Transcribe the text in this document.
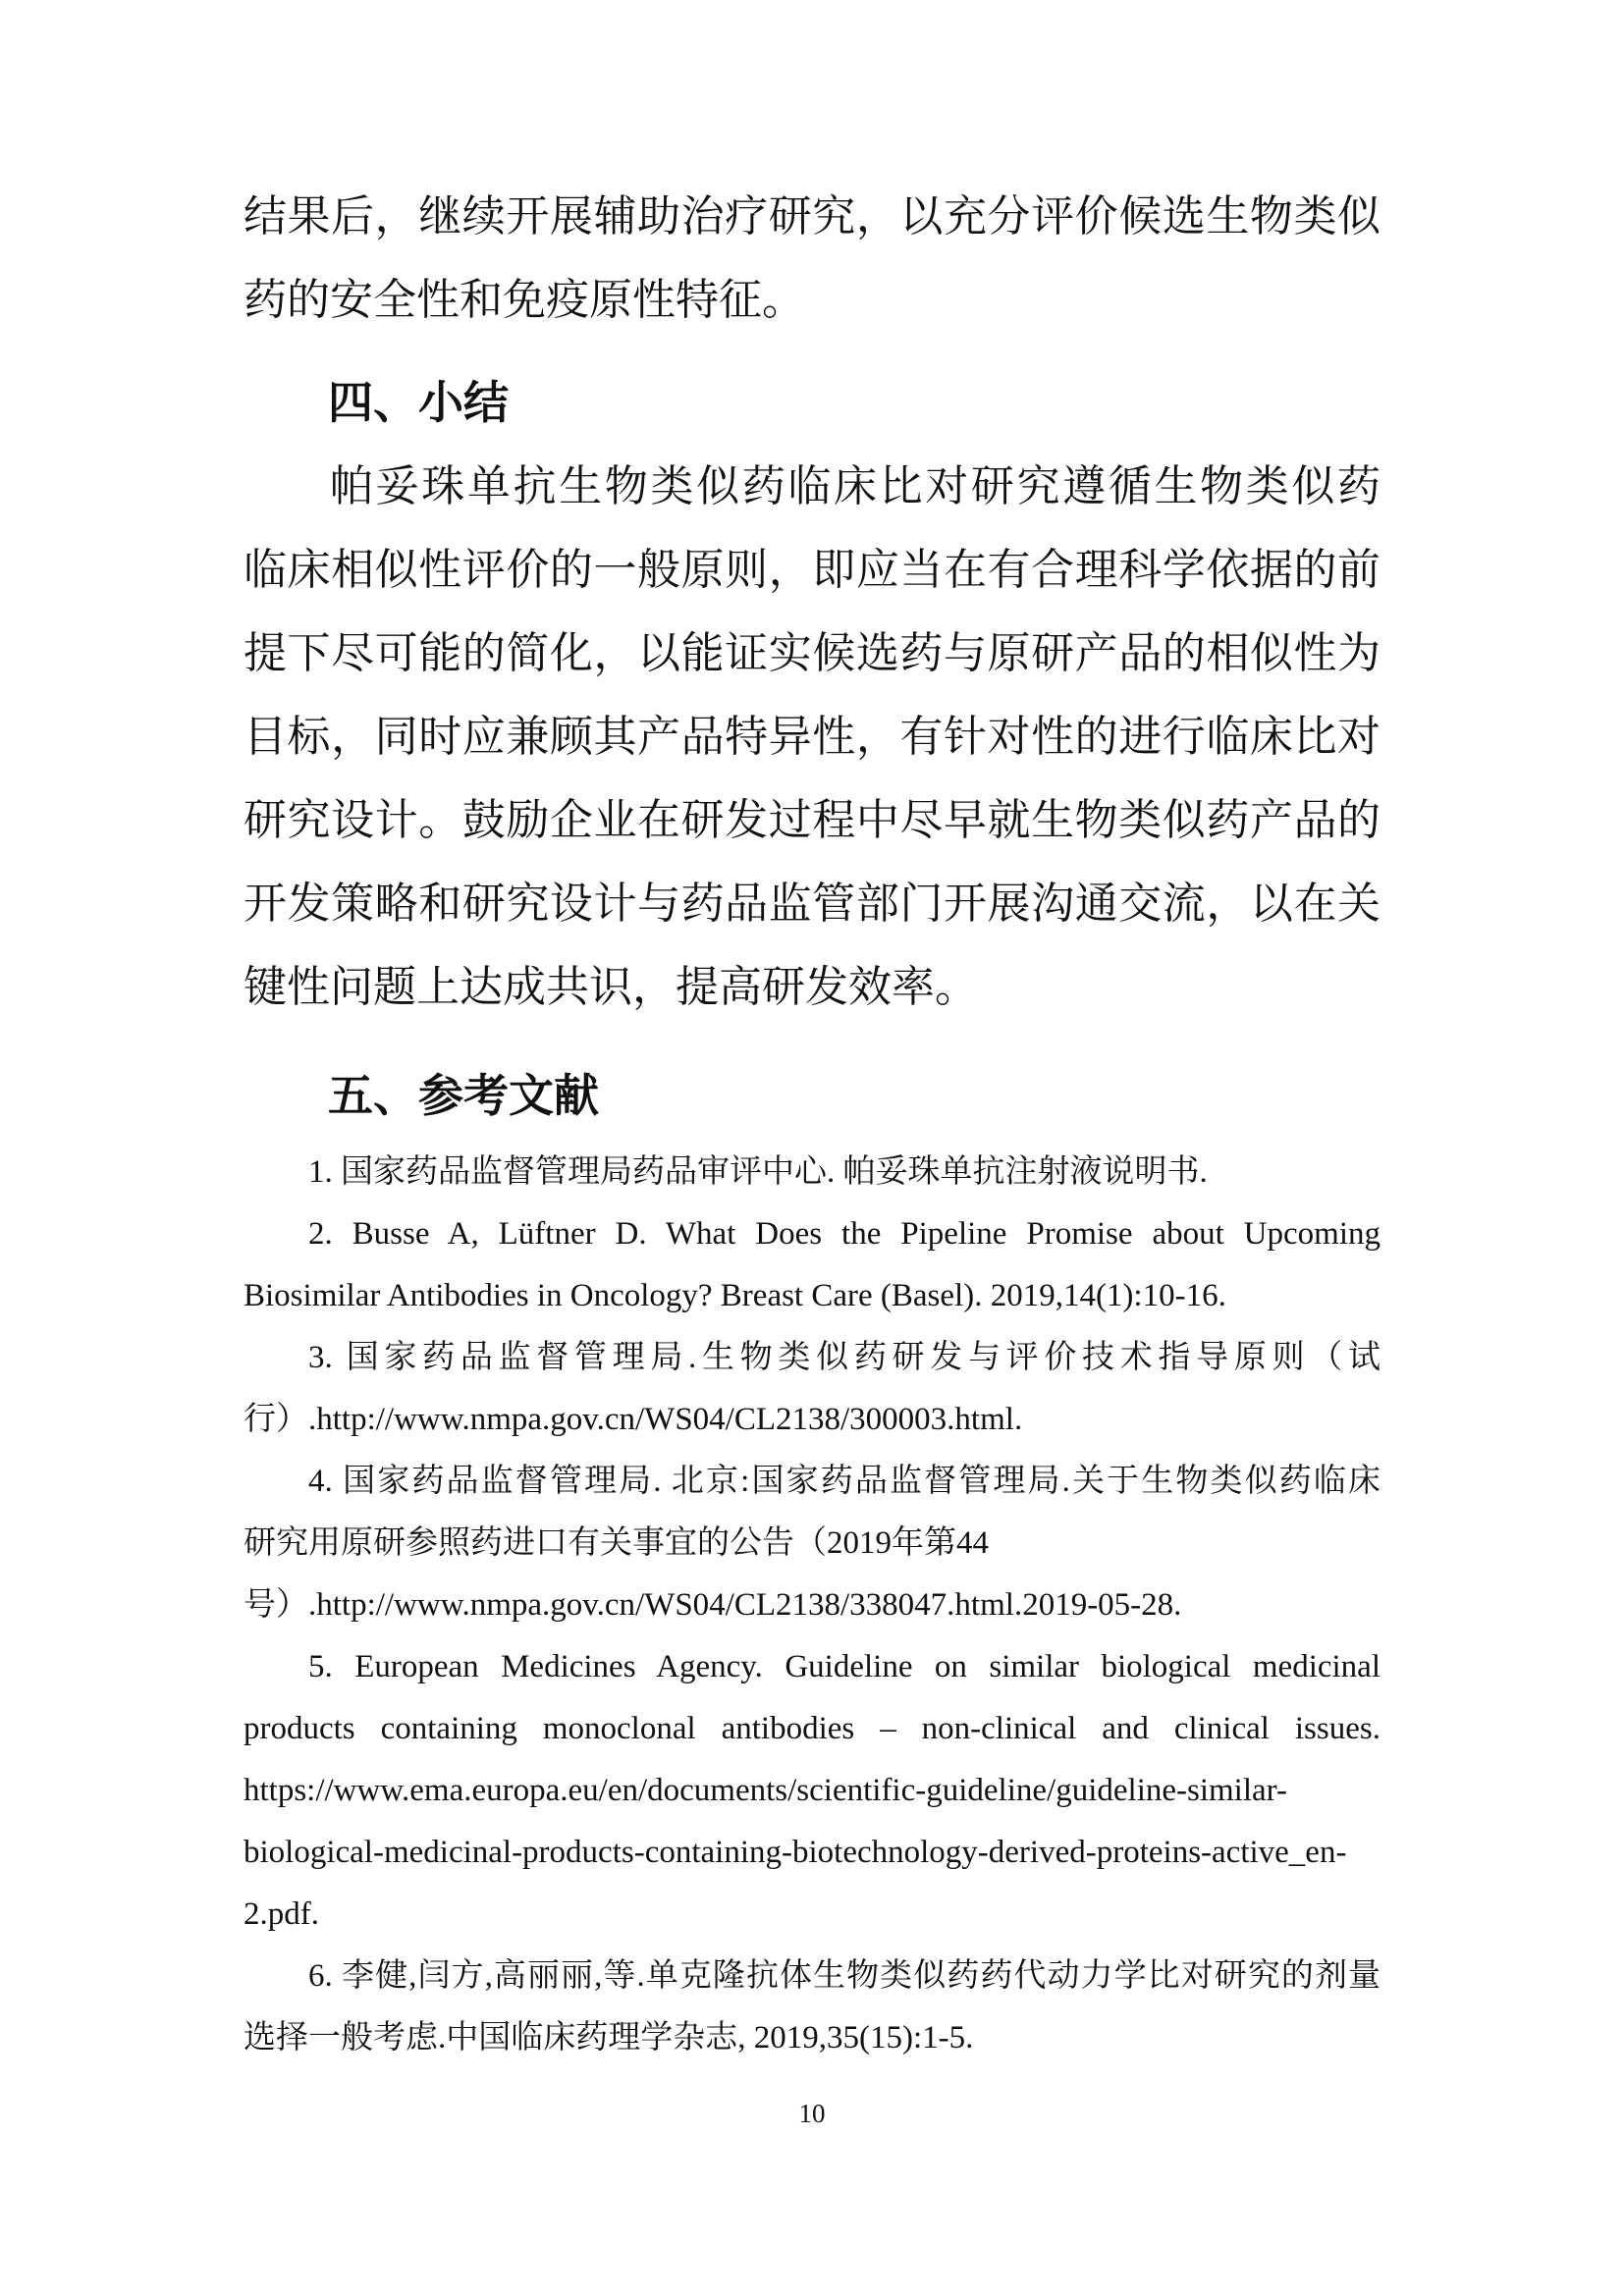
结果后，继续开展辅助治疗研究，以充分评价候选生物类似
药的安全性和免疫原性特征。
四、小结
帕妥珠单抗生物类似药临床比对研究遵循生物类似药
临床相似性评价的一般原则，即应当在有合理科学依据的前
提下尽可能的简化，以能证实候选药与原研产品的相似性为
目标，同时应兼顾其产品特异性，有针对性的进行临床比对
研究设计。鼓励企业在研发过程中尽早就生物类似药产品的
开发策略和研究设计与药品监管部门开展沟通交流，以在关
键性问题上达成共识，提高研发效率。
五、参考文献
1. 国家药品监督管理局药品审评中心. 帕妥珠单抗注射液说明书.
2. Busse A, Lüftner D. What Does the Pipeline Promise about Upcoming
Biosimilar Antibodies in Oncology? Breast Care (Basel). 2019,14(1):10-16.
3. 国家药品监督管理局.生物类似药研发与评价技术指导原则（试
行）.http://www.nmpa.gov.cn/WS04/CL2138/300003.html.
4. 国家药品监督管理局. 北京:国家药品监督管理局.关于生物类似药临床
研究用原研参照药进口有关事宜的公告（2019年第44
号）.http://www.nmpa.gov.cn/WS04/CL2138/338047.html.2019-05-28.
5. European Medicines Agency. Guideline on similar biological medicinal
products containing monoclonal antibodies – non-clinical and clinical issues.
https://www.ema.europa.eu/en/documents/scientific-guideline/guideline-similar-
biological-medicinal-products-containing-biotechnology-derived-proteins-active_en-
2.pdf.
6. 李健,闫方,高丽丽,等.单克隆抗体生物类似药药代动力学比对研究的剂量
选择一般考虑.中国临床药理学杂志, 2019,35(15):1-5.
10
